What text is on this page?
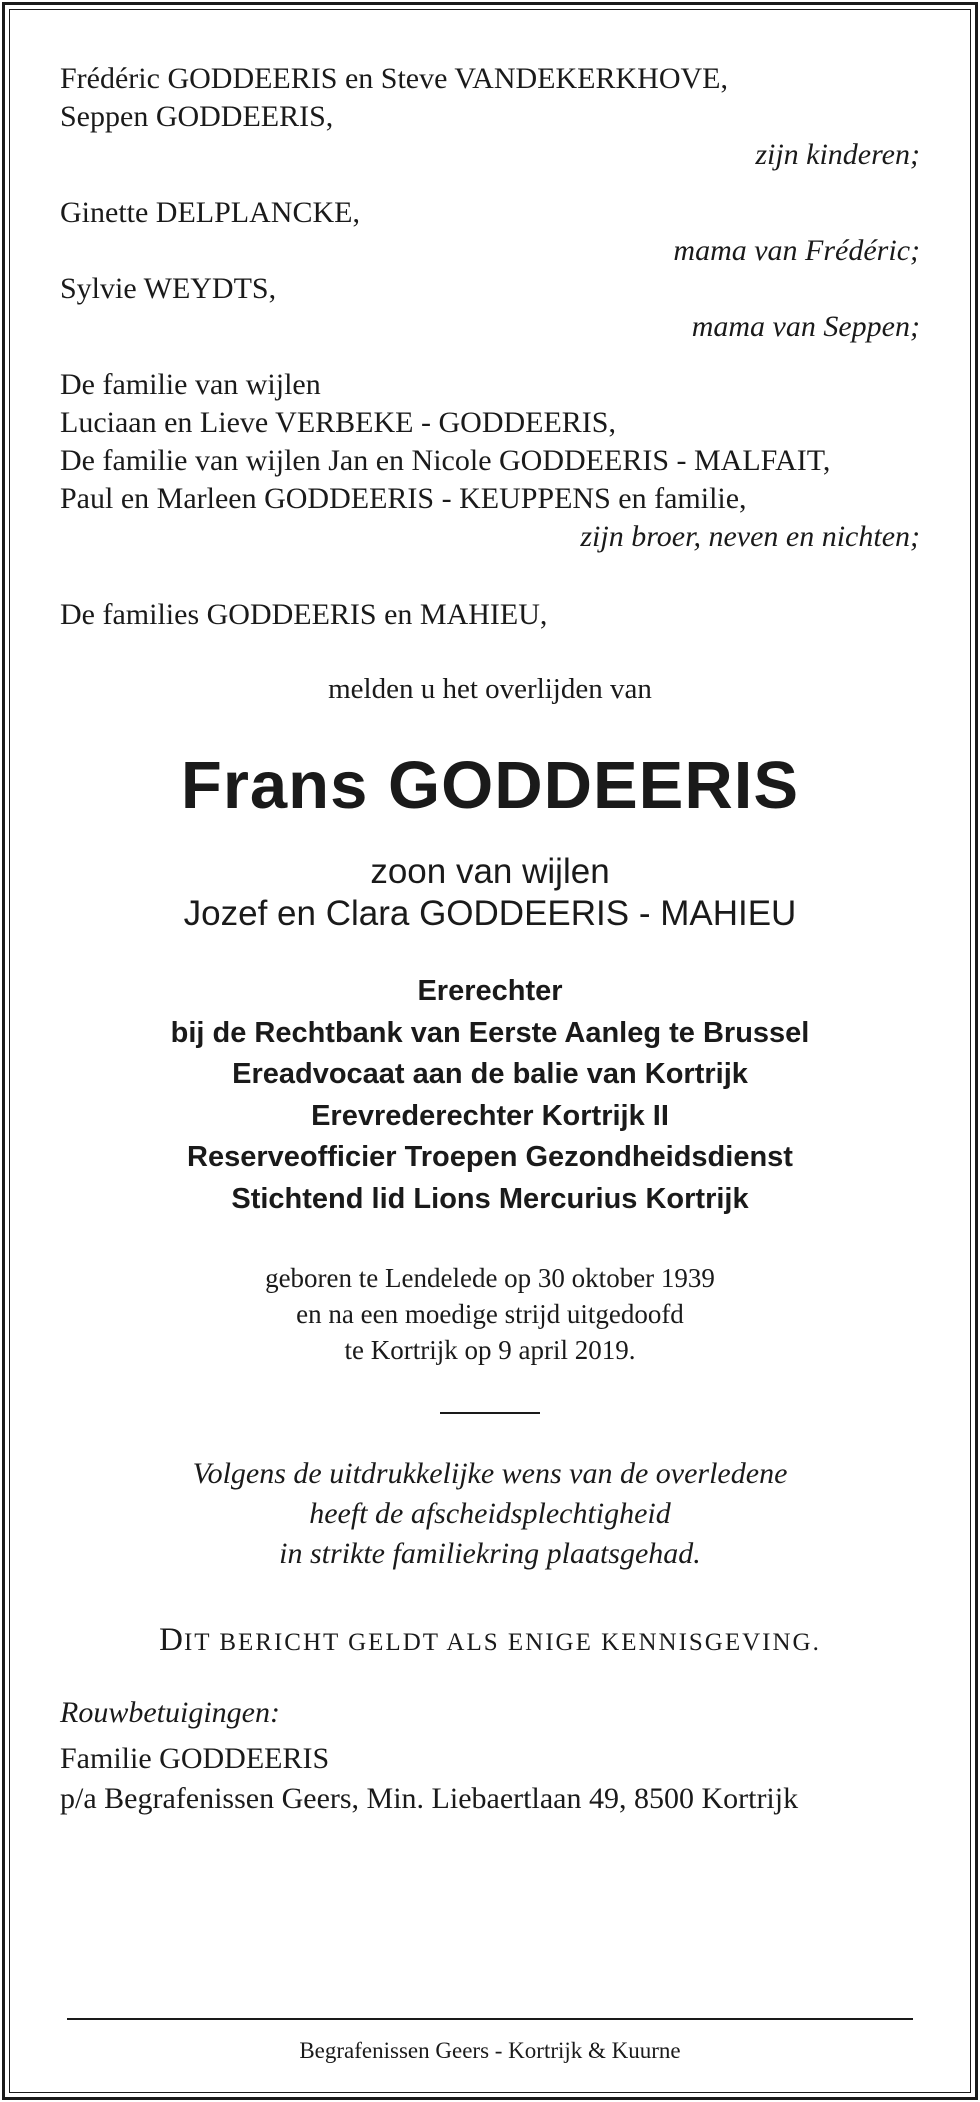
Frédéric GODDEERIS en Steve VANDEKERKHOVE,
Seppen GODDEERIS,
zijn kinderen;
Ginette DELPLANCKE,
mama van Frédéric;
Sylvie WEYDTS,
mama van Seppen;
De familie van wijlen
Luciaan en Lieve VERBEKE - GODDEERIS,
De familie van wijlen Jan en Nicole GODDEERIS - MALFAIT,
Paul en Marleen GODDEERIS - KEUPPENS en familie,
zijn broer, neven en nichten;
De families GODDEERIS en MAHIEU,
melden u het overlijden van
Frans GODDEERIS
zoon van wijlen
Jozef en Clara GODDEERIS - MAHIEU
Ererechter
bij de Rechtbank van Eerste Aanleg te Brussel
Ereadvocaat aan de balie van Kortrijk
Erevrederechter Kortrijk II
Reserveofficier Troepen Gezondheidsdienst
Stichtend lid Lions Mercurius Kortrijk
geboren te Lendelede op 30 oktober 1939
en na een moedige strijd uitgedoofd
te Kortrijk op 9 april 2019.
Volgens de uitdrukkelijke wens van de overledene
heeft de afscheidsplechtigheid
in strikte familiekring plaatsgehad.
DIT BERICHT GELDT ALS ENIGE KENNISGEVING.
Rouwbetuigingen:
Familie GODDEERIS
p/a Begrafenissen Geers, Min. Liebaertlaan 49, 8500 Kortrijk
Begrafenissen Geers - Kortrijk & Kuurne
